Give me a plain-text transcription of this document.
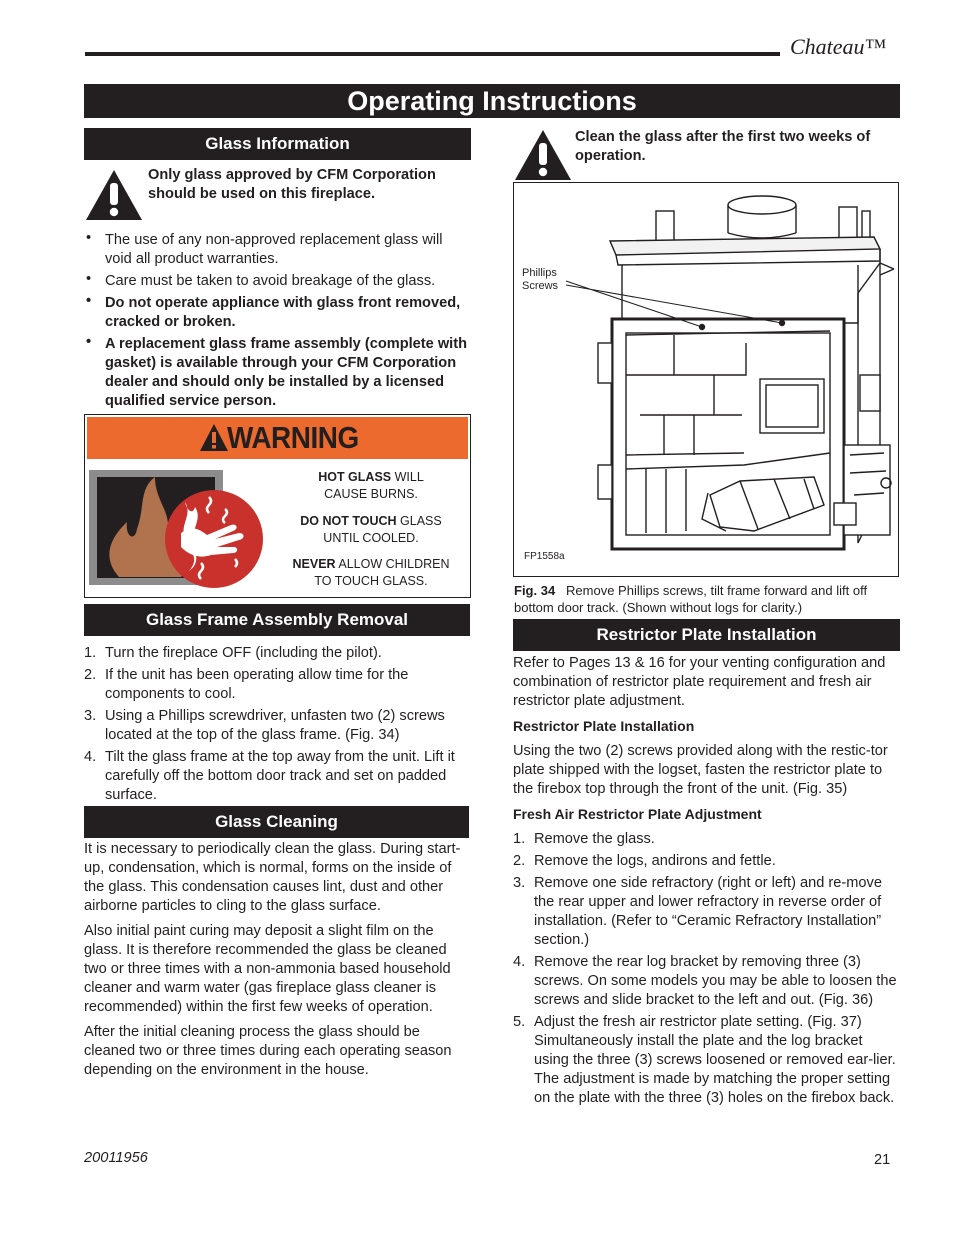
Chateau™
Operating Instructions
Glass Information
Only glass approved by CFM Corporation should be used on this fireplace.
• The use of any non-approved replacement glass will void all product warranties.
• Care must be taken to avoid breakage of the glass.
• Do not operate appliance with glass front removed, cracked or broken.
• A replacement glass frame assembly (complete with gasket) is available through your CFM Corporation dealer and should only be installed by a licensed qualified service person.
WARNING
HOT GLASS WILL
CAUSE BURNS.
DO NOT TOUCH GLASS
UNTIL COOLED.
NEVER ALLOW CHILDREN
TO TOUCH GLASS.
Glass Frame Assembly Removal
1. Turn the fireplace OFF (including the pilot).
2. If the unit has been operating allow time for the components to cool.
3. Using a Phillips screwdriver, unfasten two (2) screws located at the top of the glass frame. (Fig. 34)
4. Tilt the glass frame at the top away from the unit. Lift it carefully off the bottom door track and set on padded surface.
Glass Cleaning

It is necessary to periodically clean the glass. During start-up, condensation, which is normal, forms on the inside of the glass. This condensation causes lint, dust and other airborne particles to cling to the glass surface.

Also initial paint curing may deposit a slight film on the glass. It is therefore recommended the glass be cleaned two or three times with a non-ammonia based household cleaner and warm water (gas fireplace glass cleaner is recommended) within the first few weeks of operation.

After the initial cleaning process the glass should be cleaned two or three times during each operating season depending on the environment in the house.

Clean the glass after the first two weeks of operation.
Phillips Screws
FP1558a
Fig. 34 Remove Phillips screws, tilt frame forward and lift off bottom door track. (Shown without logs for clarity.)
Restrictor Plate Installation

Refer to Pages 13 & 16 for your venting configuration and combination of restrictor plate requirement and fresh air restrictor plate adjustment.

Restrictor Plate Installation

Using the two (2) screws provided along with the restic-tor plate shipped with the logset, fasten the restrictor plate to the firebox top through the front of the unit. (Fig. 35)

Fresh Air Restrictor Plate Adjustment

1. Remove the glass.
2. Remove the logs, andirons and fettle.
3. Remove one side refractory (right or left) and re-move the rear upper and lower refractory in reverse order of installation. (Refer to “Ceramic Refractory Installation” section.)
4. Remove the rear log bracket by removing three (3) screws. On some models you may be able to loosen the screws and slide bracket to the left and out. (Fig. 36)
5. Adjust the fresh air restrictor plate setting. (Fig. 37) Simultaneously install the plate and the log bracket using the three (3) screws loosened or removed ear-lier. The adjustment is made by matching the proper setting on the plate with the three (3) holes on the firebox back.
20011956	21
